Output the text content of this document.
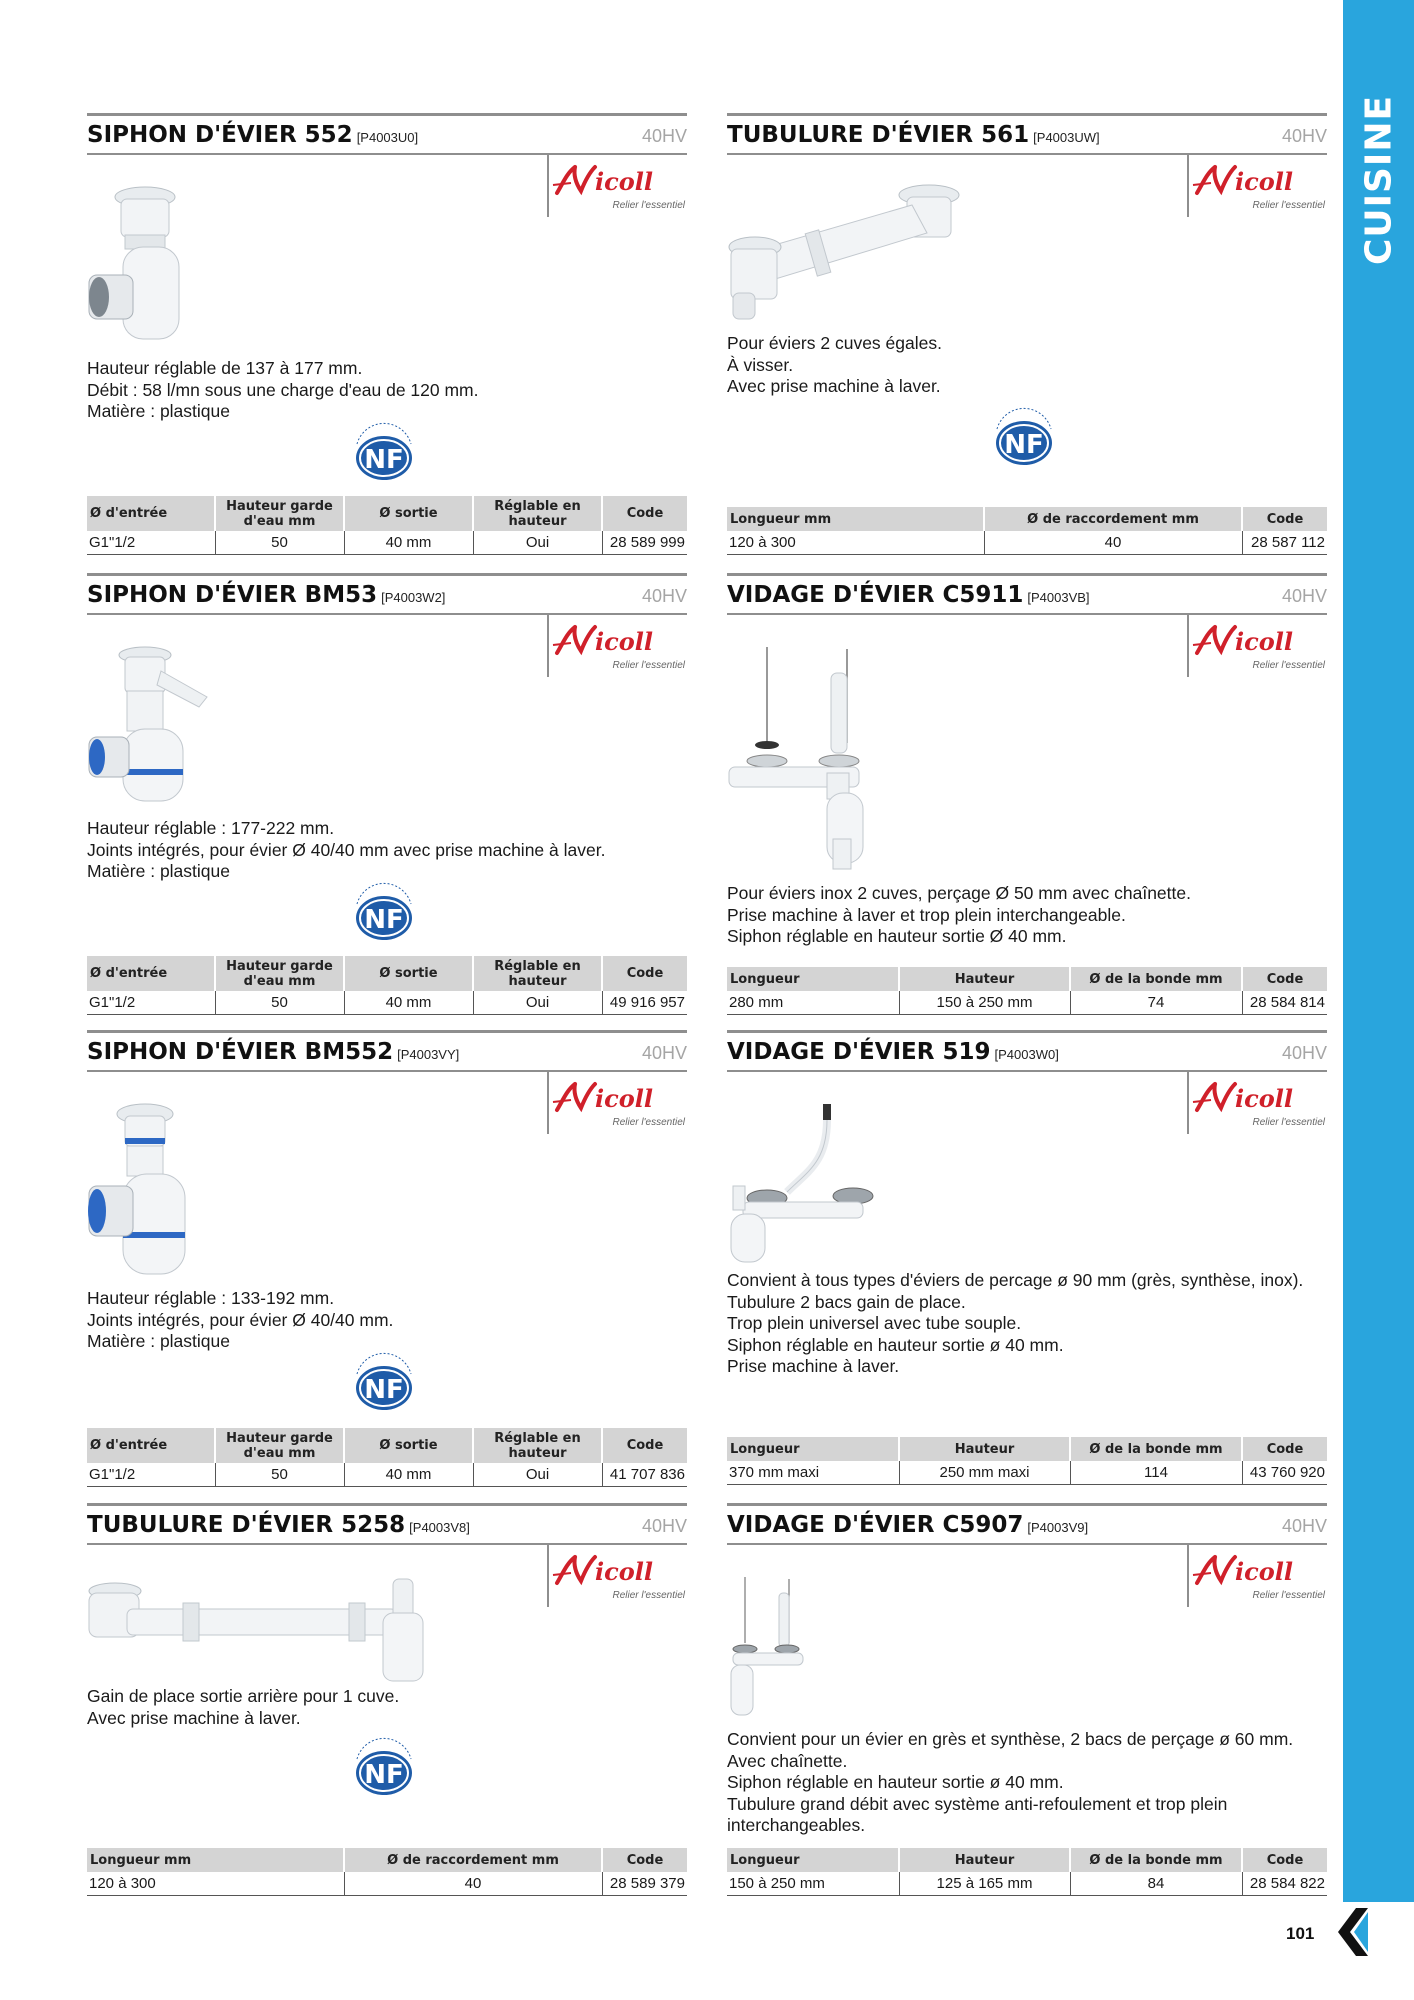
CUISINE
101
SIPHON D'ÉVIER 552 [P4003U0]	40HV
Relier l'essentiel
Hauteur réglable de 137 à 177 mm.
Débit : 58 l/mn sous une charge d'eau de 120 mm.
Matière : plastique
Ø d'entrée	Hauteur garde d'eau mm	Ø sortie	Réglable en hauteur	Code
G1"1/2	50	40 mm	Oui	28 589 999
TUBULURE D'ÉVIER 561 [P4003UW]	40HV
Relier l'essentiel
Pour éviers 2 cuves égales.
À visser.
Avec prise machine à laver.
Longueur mm	Ø de raccordement mm	Code
120 à 300	40	28 587 112
SIPHON D'ÉVIER BM53 [P4003W2]	40HV
Relier l'essentiel
Hauteur réglable : 177-222 mm.
Joints intégrés, pour évier Ø 40/40 mm avec prise machine à laver.
Matière : plastique
Ø d'entrée	Hauteur garde d'eau mm	Ø sortie	Réglable en hauteur	Code
G1"1/2	50	40 mm	Oui	49 916 957
VIDAGE D'ÉVIER C5911 [P4003VB]	40HV
Relier l'essentiel
Pour éviers inox 2 cuves, perçage Ø 50 mm avec chaînette.
Prise machine à laver et trop plein interchangeable.
Siphon réglable en hauteur sortie Ø 40 mm.
Longueur	Hauteur	Ø de la bonde mm	Code
280 mm	150 à 250 mm	74	28 584 814
SIPHON D'ÉVIER BM552 [P4003VY]	40HV
Relier l'essentiel
Hauteur réglable : 133-192 mm.
Joints intégrés, pour évier Ø 40/40 mm.
Matière : plastique
Ø d'entrée	Hauteur garde d'eau mm	Ø sortie	Réglable en hauteur	Code
G1"1/2	50	40 mm	Oui	41 707 836
VIDAGE D'ÉVIER 519 [P4003W0]	40HV
Relier l'essentiel
Convient à tous types d'éviers de percage ø 90 mm (grès, synthèse, inox).
Tubulure 2 bacs gain de place.
Trop plein universel avec tube souple.
Siphon réglable en hauteur sortie ø 40 mm.
Prise machine à laver.
Longueur	Hauteur	Ø de la bonde mm	Code
370 mm maxi	250 mm maxi	114	43 760 920
TUBULURE D'ÉVIER 5258 [P4003V8]	40HV
Relier l'essentiel
Gain de place sortie arrière pour 1 cuve.
Avec prise machine à laver.
Longueur mm	Ø de raccordement mm	Code
120 à 300	40	28 589 379
VIDAGE D'ÉVIER C5907 [P4003V9]	40HV
Relier l'essentiel
Convient pour un évier en grès et synthèse, 2 bacs de perçage ø 60 mm.
Avec chaînette.
Siphon réglable en hauteur sortie ø 40 mm.
Tubulure grand débit avec système anti-refoulement et trop plein interchangeables.
Longueur	Hauteur	Ø de la bonde mm	Code
150 à 250 mm	125 à 165 mm	84	28 584 822
